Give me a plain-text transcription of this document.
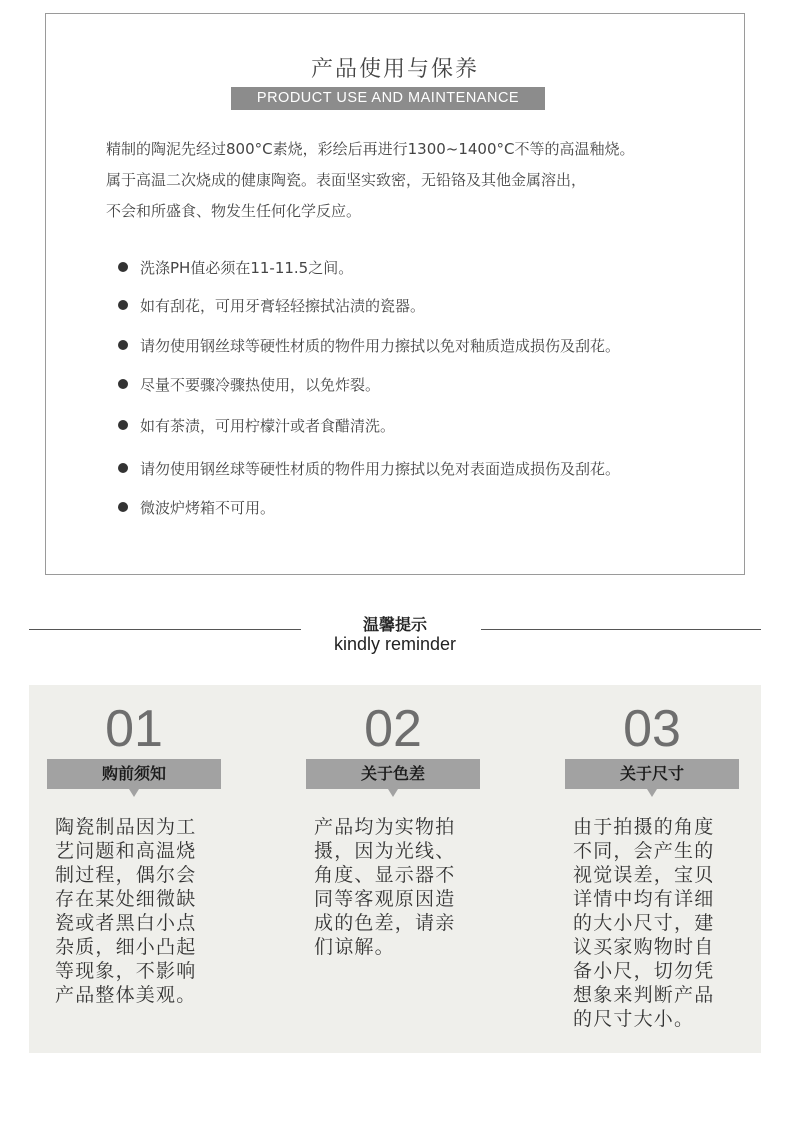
产品使用与保养
PRODUCT USE AND MAINTENANCE

精制的陶泥先经过800°C素烧，彩绘后再进行1300~1400°C不等的高温釉烧。

属于高温二次烧成的健康陶瓷。表面坚实致密，无铅铬及其他金属溶出，

不会和所盛食、物发生任何化学反应。

洗涤PH值必须在11-11.5之间。
如有刮花，可用牙膏轻轻擦拭沾渍的瓷器。
请勿使用钢丝球等硬性材质的物件用力擦拭以免对釉质造成损伤及刮花。
尽量不要骤冷骤热使用，以免炸裂。
如有茶渍，可用柠檬汁或者食醋清洗。
请勿使用钢丝球等硬性材质的物件用力擦拭以免对表面造成损伤及刮花。
微波炉烤箱不可用。
温馨提示
kindly reminder
01
购前须知
陶瓷制品因为工
艺问题和高温烧
制过程，偶尔会
存在某处细微缺
瓷或者黑白小点
杂质，细小凸起
等现象，不影响
产品整体美观。
02
关于色差
产品均为实物拍
摄，因为光线、
角度、显示器不
同等客观原因造
成的色差，请亲
们谅解。
03
关于尺寸
由于拍摄的角度
不同，会产生的
视觉误差，宝贝
详情中均有详细
的大小尺寸，建
议买家购物时自
备小尺，切勿凭
想象来判断产品
的尺寸大小。
